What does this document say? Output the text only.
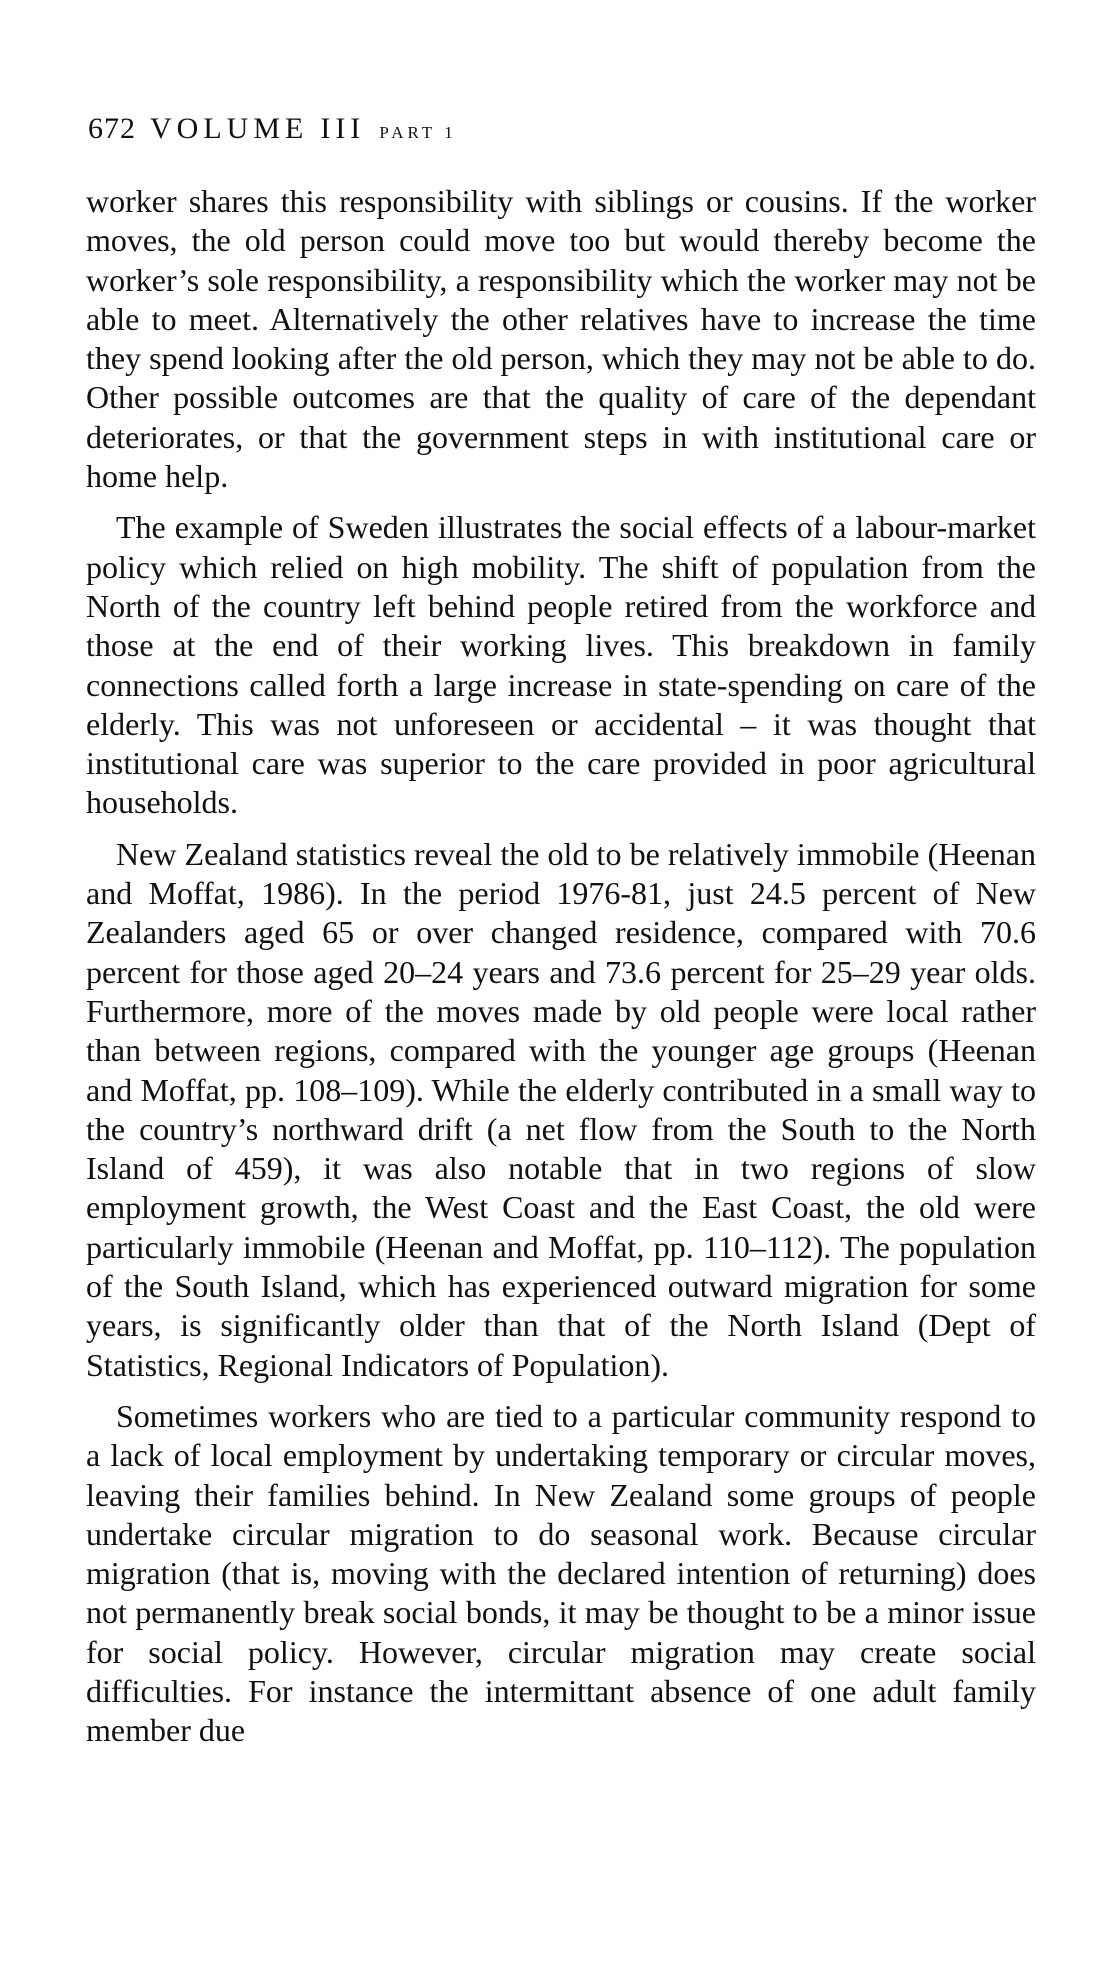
672 VOLUME III PART 1

worker shares this responsibility with siblings or cousins. If the worker moves, the old person could move too but would thereby become the worker’s sole responsibility, a responsibility which the worker may not be able to meet. Alternatively the other relatives have to increase the time they spend looking after the old person, which they may not be able to do. Other possible outcomes are that the quality of care of the dependant deteriorates, or that the government steps in with institutional care or home help.

The example of Sweden illustrates the social effects of a labour-market policy which relied on high mobility. The shift of population from the North of the country left behind people retired from the workforce and those at the end of their working lives. This breakdown in family connections called forth a large increase in state-spending on care of the elderly. This was not unforeseen or accidental – it was thought that institutional care was superior to the care provided in poor agricultural households.

New Zealand statistics reveal the old to be relatively immobile (Heenan and Moffat, 1986). In the period 1976-81, just 24.5 percent of New Zealanders aged 65 or over changed residence, compared with 70.6 percent for those aged 20–24 years and 73.6 percent for 25–29 year olds. Furthermore, more of the moves made by old people were local rather than between regions, compared with the younger age groups (Heenan and Moffat, pp. 108–109). While the elderly contributed in a small way to the country’s northward drift (a net flow from the South to the North Island of 459), it was also notable that in two regions of slow employment growth, the West Coast and the East Coast, the old were particularly immobile (Heenan and Moffat, pp. 110–112). The population of the South Island, which has experienced outward migration for some years, is significantly older than that of the North Island (Dept of Statistics, Regional Indicators of Population).

Sometimes workers who are tied to a particular community respond to a lack of local employment by undertaking temporary or circular moves, leaving their families behind. In New Zealand some groups of people undertake circular migration to do seasonal work. Because circular migration (that is, moving with the declared intention of returning) does not permanently break social bonds, it may be thought to be a minor issue for social policy. However, circular migration may create social difficulties. For instance the intermittant absence of one adult family member due
